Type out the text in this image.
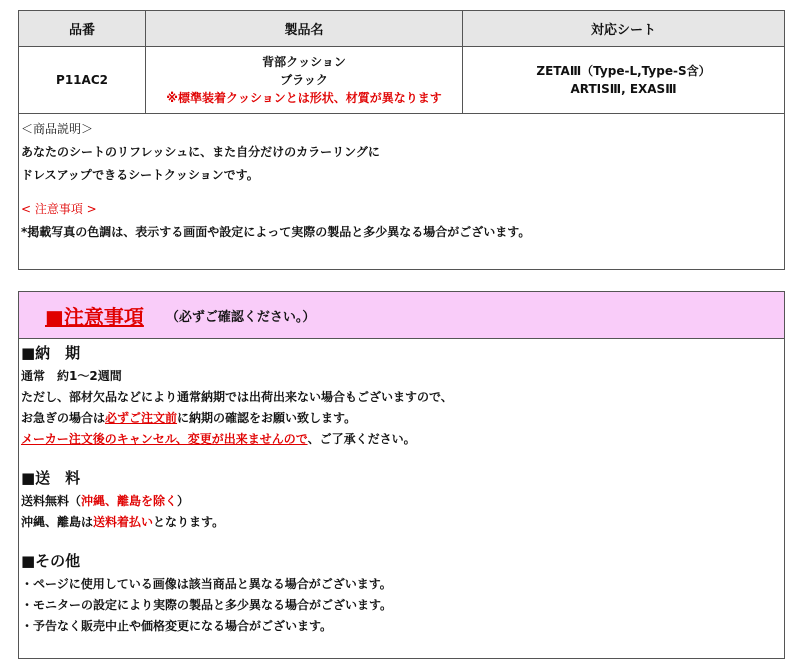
品番	製品名	対応シート
P11AC2
背部クッション
ブラック
※標準装着クッションとは形状、材質が異なります
ZETAⅢ（Type-L,Type-S含）
ARTISⅢ, EXASⅢ
＜商品説明＞
あなたのシートのリフレッシュに、また自分だけのカラーリングに
ドレスアップできるシートクッションです。
< 注意事項 >
*掲載写真の色調は、表示する画面や設定によって実際の製品と多少異なる場合がございます。
■注意事項 （必ずご確認ください。）
■納　期
通常　約1～2週間
ただし、部材欠品などにより通常納期では出荷出来ない場合もございますので、
お急ぎの場合は必ずご注文前に納期の確認をお願い致します。
メーカー注文後のキャンセル、変更が出来ませんので、ご了承ください。
■送　料
送料無料（沖縄、離島を除く）
沖縄、離島は送料着払いとなります。
■その他
・ページに使用している画像は該当商品と異なる場合がございます。
・モニターの設定により実際の製品と多少異なる場合がございます。
・予告なく販売中止や価格変更になる場合がございます。
